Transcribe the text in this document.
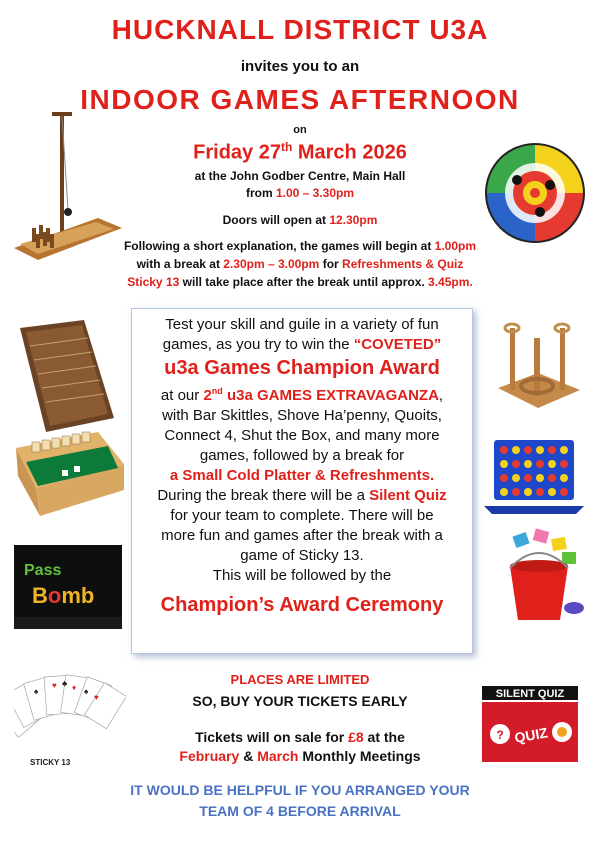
HUCKNALL DISTRICT U3A
invites you to an
INDOOR GAMES AFTERNOON
on
Friday 27th March 2026
at the John Godber Centre, Main Hall
from 1.00 – 3.30pm
Doors will open at 12.30pm
Following a short explanation, the games will begin at 1.00pm
with a break at 2.30pm – 3.00pm for Refreshments & Quiz
Sticky 13 will take place after the break until approx. 3.45pm.
Test your skill and guile in a variety of fun
games, as you try to win the “COVETED”
u3a Games Champion Award
at our 2nd u3a GAMES EXTRAVAGANZA,
with Bar Skittles, Shove Ha’penny, Quoits,
Connect 4, Shut the Box, and many more
games, followed by a break for
a Small Cold Platter & Refreshments.
During the break there will be a Silent Quiz
for your team to complete. There will be
more fun and games after the break with a
game of Sticky 13.
This will be followed by the
Champion’s Award Ceremony
PLACES ARE LIMITED
SO, BUY YOUR TICKETS EARLY
Tickets will on sale for £8 at the
February & March Monthly Meetings
IT WOULD BE HELPFUL IF YOU ARRANGED YOUR
TEAM OF 4 BEFORE ARRIVAL
Pass
Bomb
♥ ♦
♥
♠
♣
♠
STICKY 13
SILENT QUIZ
? QUIZ
